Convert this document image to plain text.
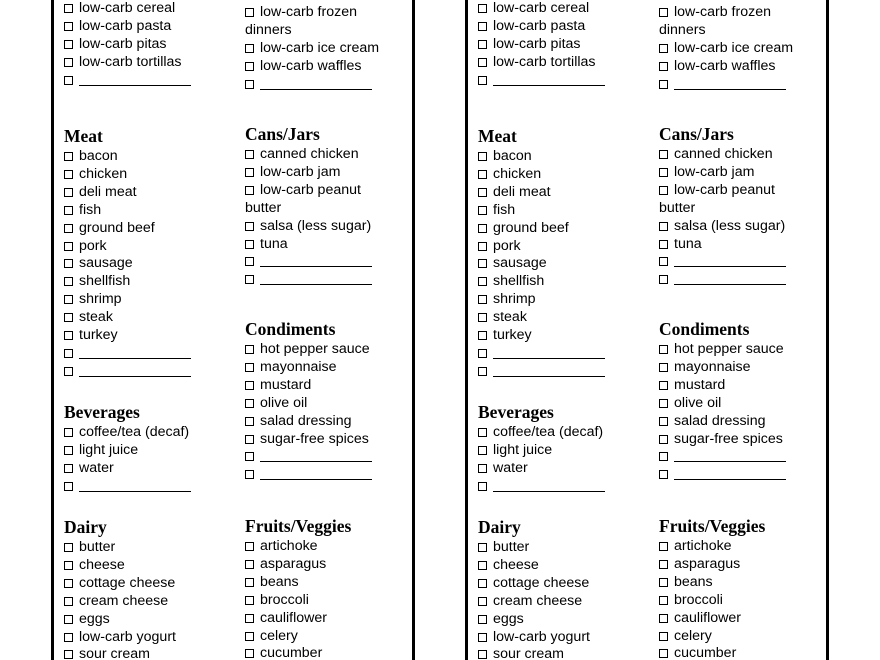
low-carb cereal
low-carb pasta
low-carb pitas
low-carb tortillas
Meat
bacon
chicken
deli meat
fish
ground beef
pork
sausage
shellfish
shrimp
steak
turkey
Beverages
coffee/tea (decaf)
light juice
water
Dairy
butter
cheese
cottage cheese
cream cheese
eggs
low-carb yogurt
sour cream
low-carb frozen
dinners
low-carb ice cream
low-carb waffles
Cans/Jars
canned chicken
low-carb jam
low-carb peanut
butter
salsa (less sugar)
tuna
Condiments
hot pepper sauce
mayonnaise
mustard
olive oil
salad dressing
sugar-free spices
Fruits/Veggies
artichoke
asparagus
beans
broccoli
cauliflower
celery
cucumber
low-carb cereal
low-carb pasta
low-carb pitas
low-carb tortillas
Meat
bacon
chicken
deli meat
fish
ground beef
pork
sausage
shellfish
shrimp
steak
turkey
Beverages
coffee/tea (decaf)
light juice
water
Dairy
butter
cheese
cottage cheese
cream cheese
eggs
low-carb yogurt
sour cream
low-carb frozen
dinners
low-carb ice cream
low-carb waffles
Cans/Jars
canned chicken
low-carb jam
low-carb peanut
butter
salsa (less sugar)
tuna
Condiments
hot pepper sauce
mayonnaise
mustard
olive oil
salad dressing
sugar-free spices
Fruits/Veggies
artichoke
asparagus
beans
broccoli
cauliflower
celery
cucumber
